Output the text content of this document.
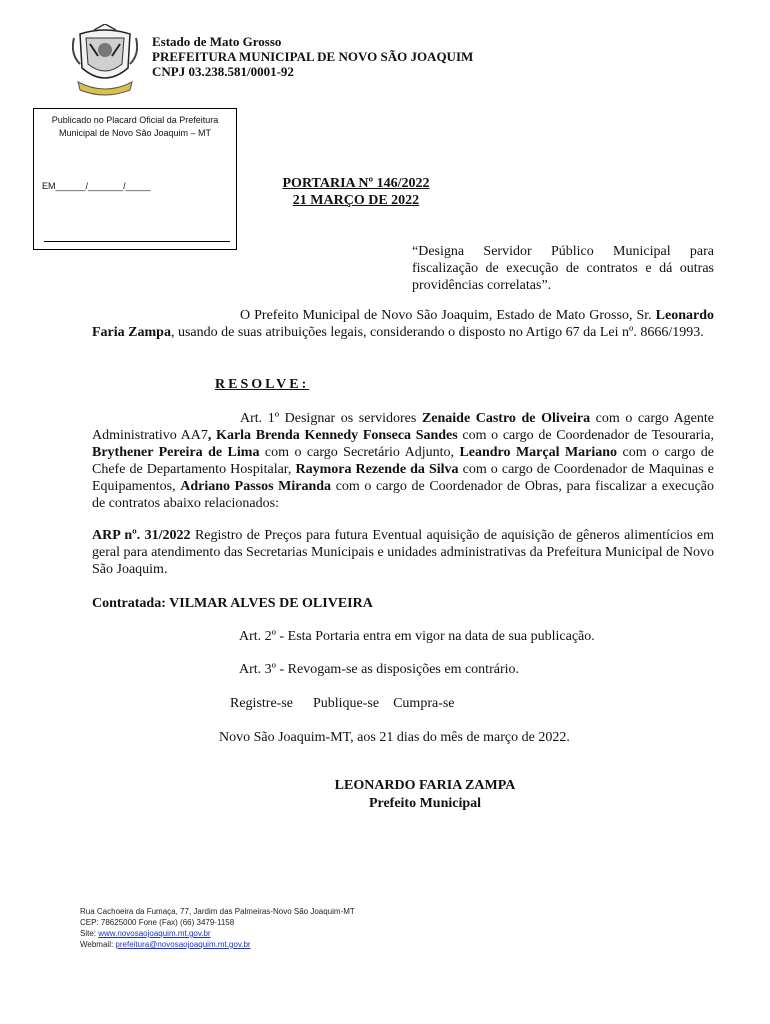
Estado de Mato Grosso
PREFEITURA MUNICIPAL DE NOVO SÃO JOAQUIM
CNPJ 03.238.581/0001-92
Publicado no Placard Oficial da Prefeitura Municipal de Novo São Joaquim – MT
EM______/_______/_____	PORTARIA Nº 146/2022
21 MARÇO DE 2022
“Designa Servidor Público Municipal para fiscalização de execução de contratos e dá outras providências correlatas”.
O Prefeito Municipal de Novo São Joaquim, Estado de Mato Grosso, Sr. Leonardo Faria Zampa, usando de suas atribuições legais, considerando o disposto no Artigo 67 da Lei nº. 8666/1993.
RESOLVE:
Art. 1º Designar os servidores Zenaide Castro de Oliveira com o cargo Agente Administrativo AA7, Karla Brenda Kennedy Fonseca Sandes com o cargo de Coordenador de Tesouraria, Brythener Pereira de Lima com o cargo Secretário Adjunto, Leandro Marçal Mariano com o cargo de Chefe de Departamento Hospitalar, Raymora Rezende da Silva com o cargo de Coordenador de Maquinas e Equipamentos, Adriano Passos Miranda com o cargo de Coordenador de Obras, para fiscalizar a execução de contratos abaixo relacionados:
ARP nº. 31/2022 Registro de Preços para futura Eventual aquisição de aquisição de gêneros alimentícios em geral para atendimento das Secretarias Municipais e unidades administrativas da Prefeitura Municipal de Novo São Joaquim.
Contratada: VILMAR ALVES DE OLIVEIRA
Art. 2º - Esta Portaria entra em vigor na data de sua publicação.
Art. 3º - Revogam-se as disposições em contrário.
Registre-se Publique-se Cumpra-se
Novo São Joaquim-MT, aos 21 dias do mês de março de 2022.
LEONARDO FARIA ZAMPA
Prefeito Municipal
Rua Cachoeira da Fumaça, 77, Jardim das Palmeiras-Novo São Joaquim-MT
CEP: 78625000 Fone (Fax) (66) 3479-1158
Site: www.novosaojoaquim.mt.gov.br
Webmail: prefeitura@novosaojoaquim.mt.gov.br
